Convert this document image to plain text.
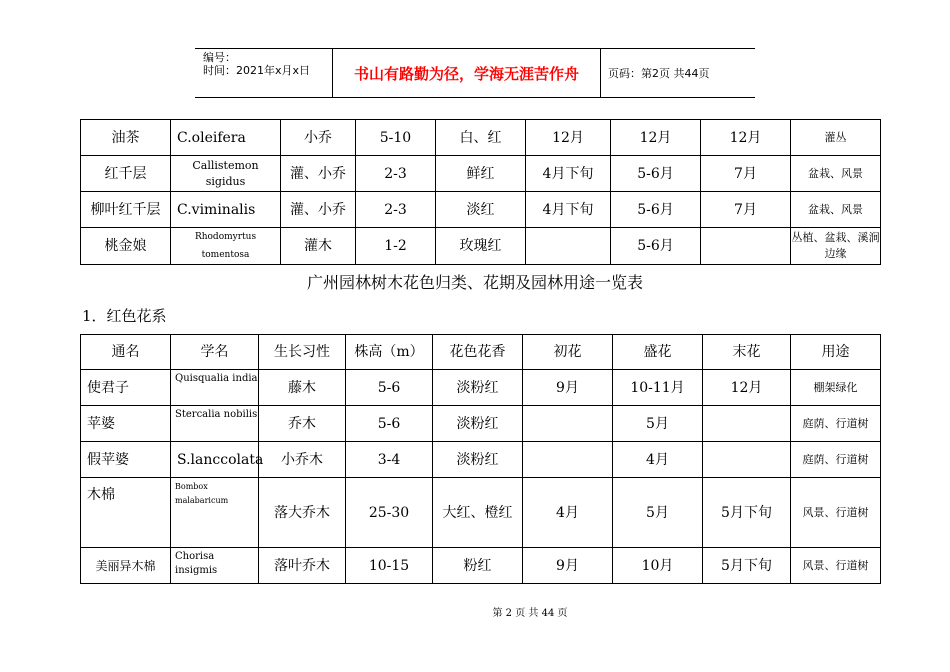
编号：
时间：2021年x月x日	书山有路勤为径，学海无涯苦作舟	页码：第2页 共44页
油茶	C.oleifera	小乔	5-10	白、红	12月	12月	12月	灌丛
红千层	Callistemon sigidus	灌、小乔	2-3	鲜红	4月下旬	5-6月	7月	盆栽、风景
柳叶红千层	C.viminalis	灌、小乔	2-3	淡红	4月下旬	5-6月	7月	盆栽、风景
桃金娘	Rhodomyrtus tomentosa	灌木	1-2	玫瑰红		5-6月		丛植、盆栽、溪涧边缘
广州园林树木花色归类、花期及园林用途一览表
1．红色花系
通名	学名	生长习性	株高（m）	花色花香	初花	盛花	末花	用途
使君子	Quisqualia india	藤木	5-6	淡粉红	9月	10-11月	12月	棚架绿化
苹婆	Stercalia nobilis	乔木	5-6	淡粉红		5月		庭荫、行道树
假苹婆	S.lanccolata	小乔木	3-4	淡粉红		4月		庭荫、行道树
木棉	Bombox malabaricum	落大乔木	25-30	大红、橙红	4月	5月	5月下旬	风景、行道树
美丽异木棉	Chorisa insigmis	落叶乔木	10-15	粉红	9月	10月	5月下旬	风景、行道树
第 2 页 共 44 页
